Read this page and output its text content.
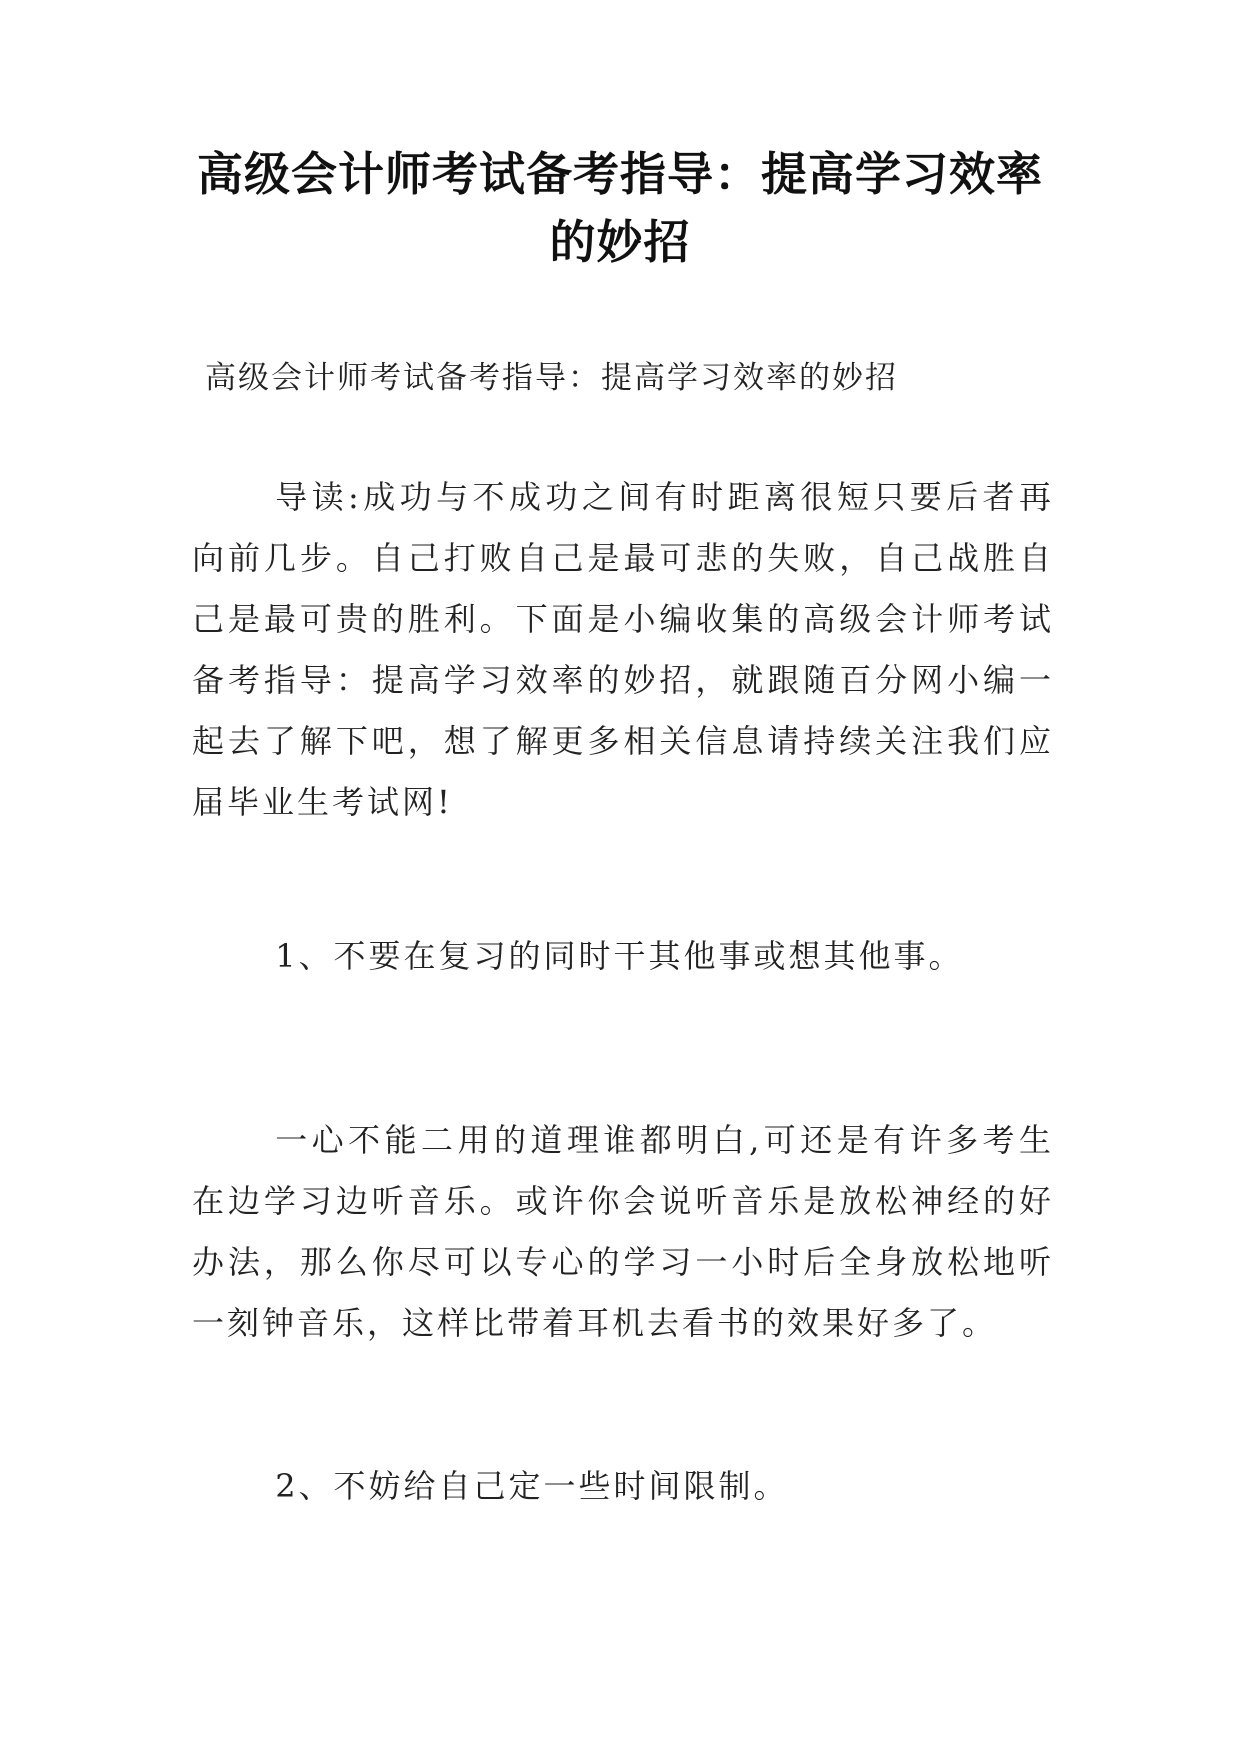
高级会计师考试备考指导：提高学习效率的妙招
高级会计师考试备考指导：提高学习效率的妙招
导读:成功与不成功之间有时距离很短只要后者再向前几步。自己打败自己是最可悲的失败，自己战胜自己是最可贵的胜利。下面是小编收集的高级会计师考试备考指导：提高学习效率的妙招，就跟随百分网小编一起去了解下吧，想了解更多相关信息请持续关注我们应届毕业生考试网!
1、不要在复习的同时干其他事或想其他事。
一心不能二用的道理谁都明白,可还是有许多考生在边学习边听音乐。或许你会说听音乐是放松神经的好办法，那么你尽可以专心的学习一小时后全身放松地听一刻钟音乐，这样比带着耳机去看书的效果好多了。
2、不妨给自己定一些时间限制。
